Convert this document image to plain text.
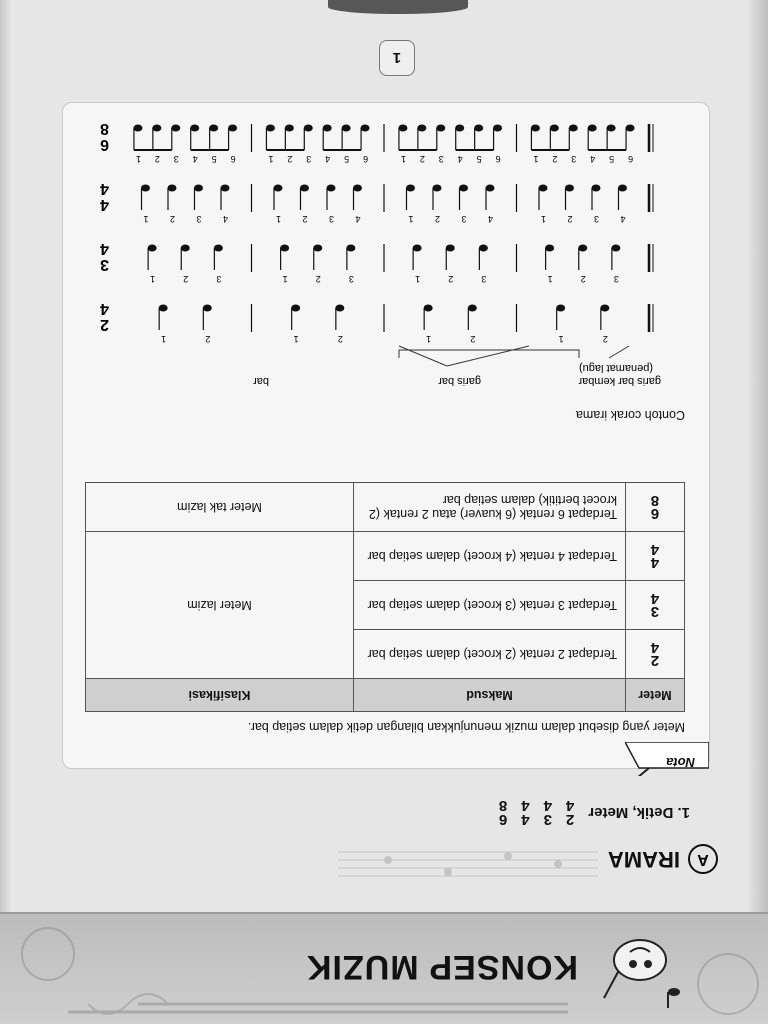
KONSEP MUZIK
A
IRAMA
1. Detik, Meter
2
4
3
4
4
4
6
8
Nota
Meter yang disebut dalam muzik menunjukkan bilangan detik dalam setiap bar.
Meter	Maksud	Klasifikasi

2
4	Terdapat 2 rentak (2 krocet) dalam setiap bar	Meter lazim

3
4	Terdapat 3 rentak (3 krocet) dalam setiap bar	

4
4	Terdapat 4 rentak (4 krocet) dalam setiap bar	

6
8	Terdapat 6 rentak (6 kuaver) atau 2 rentak (2 krocet bertitik) dalam setiap bar	Meter tak lazim
Contoh corak irama
garis bar kembar
(penamat lagu)
garis bar
bar
2
4
2
1
2
1
2
1
2
1
3
4
3
2
1
3
2
1
3
2
1
3
2
1
4
4
4
3
2
1
4
3
2
1
4
3
2
1
4
3
2
1
6
8
6
5
4
3
2
1
6
5
4
3
2
1
6
5
4
3
2
1
6
5
4
3
2
1
1
